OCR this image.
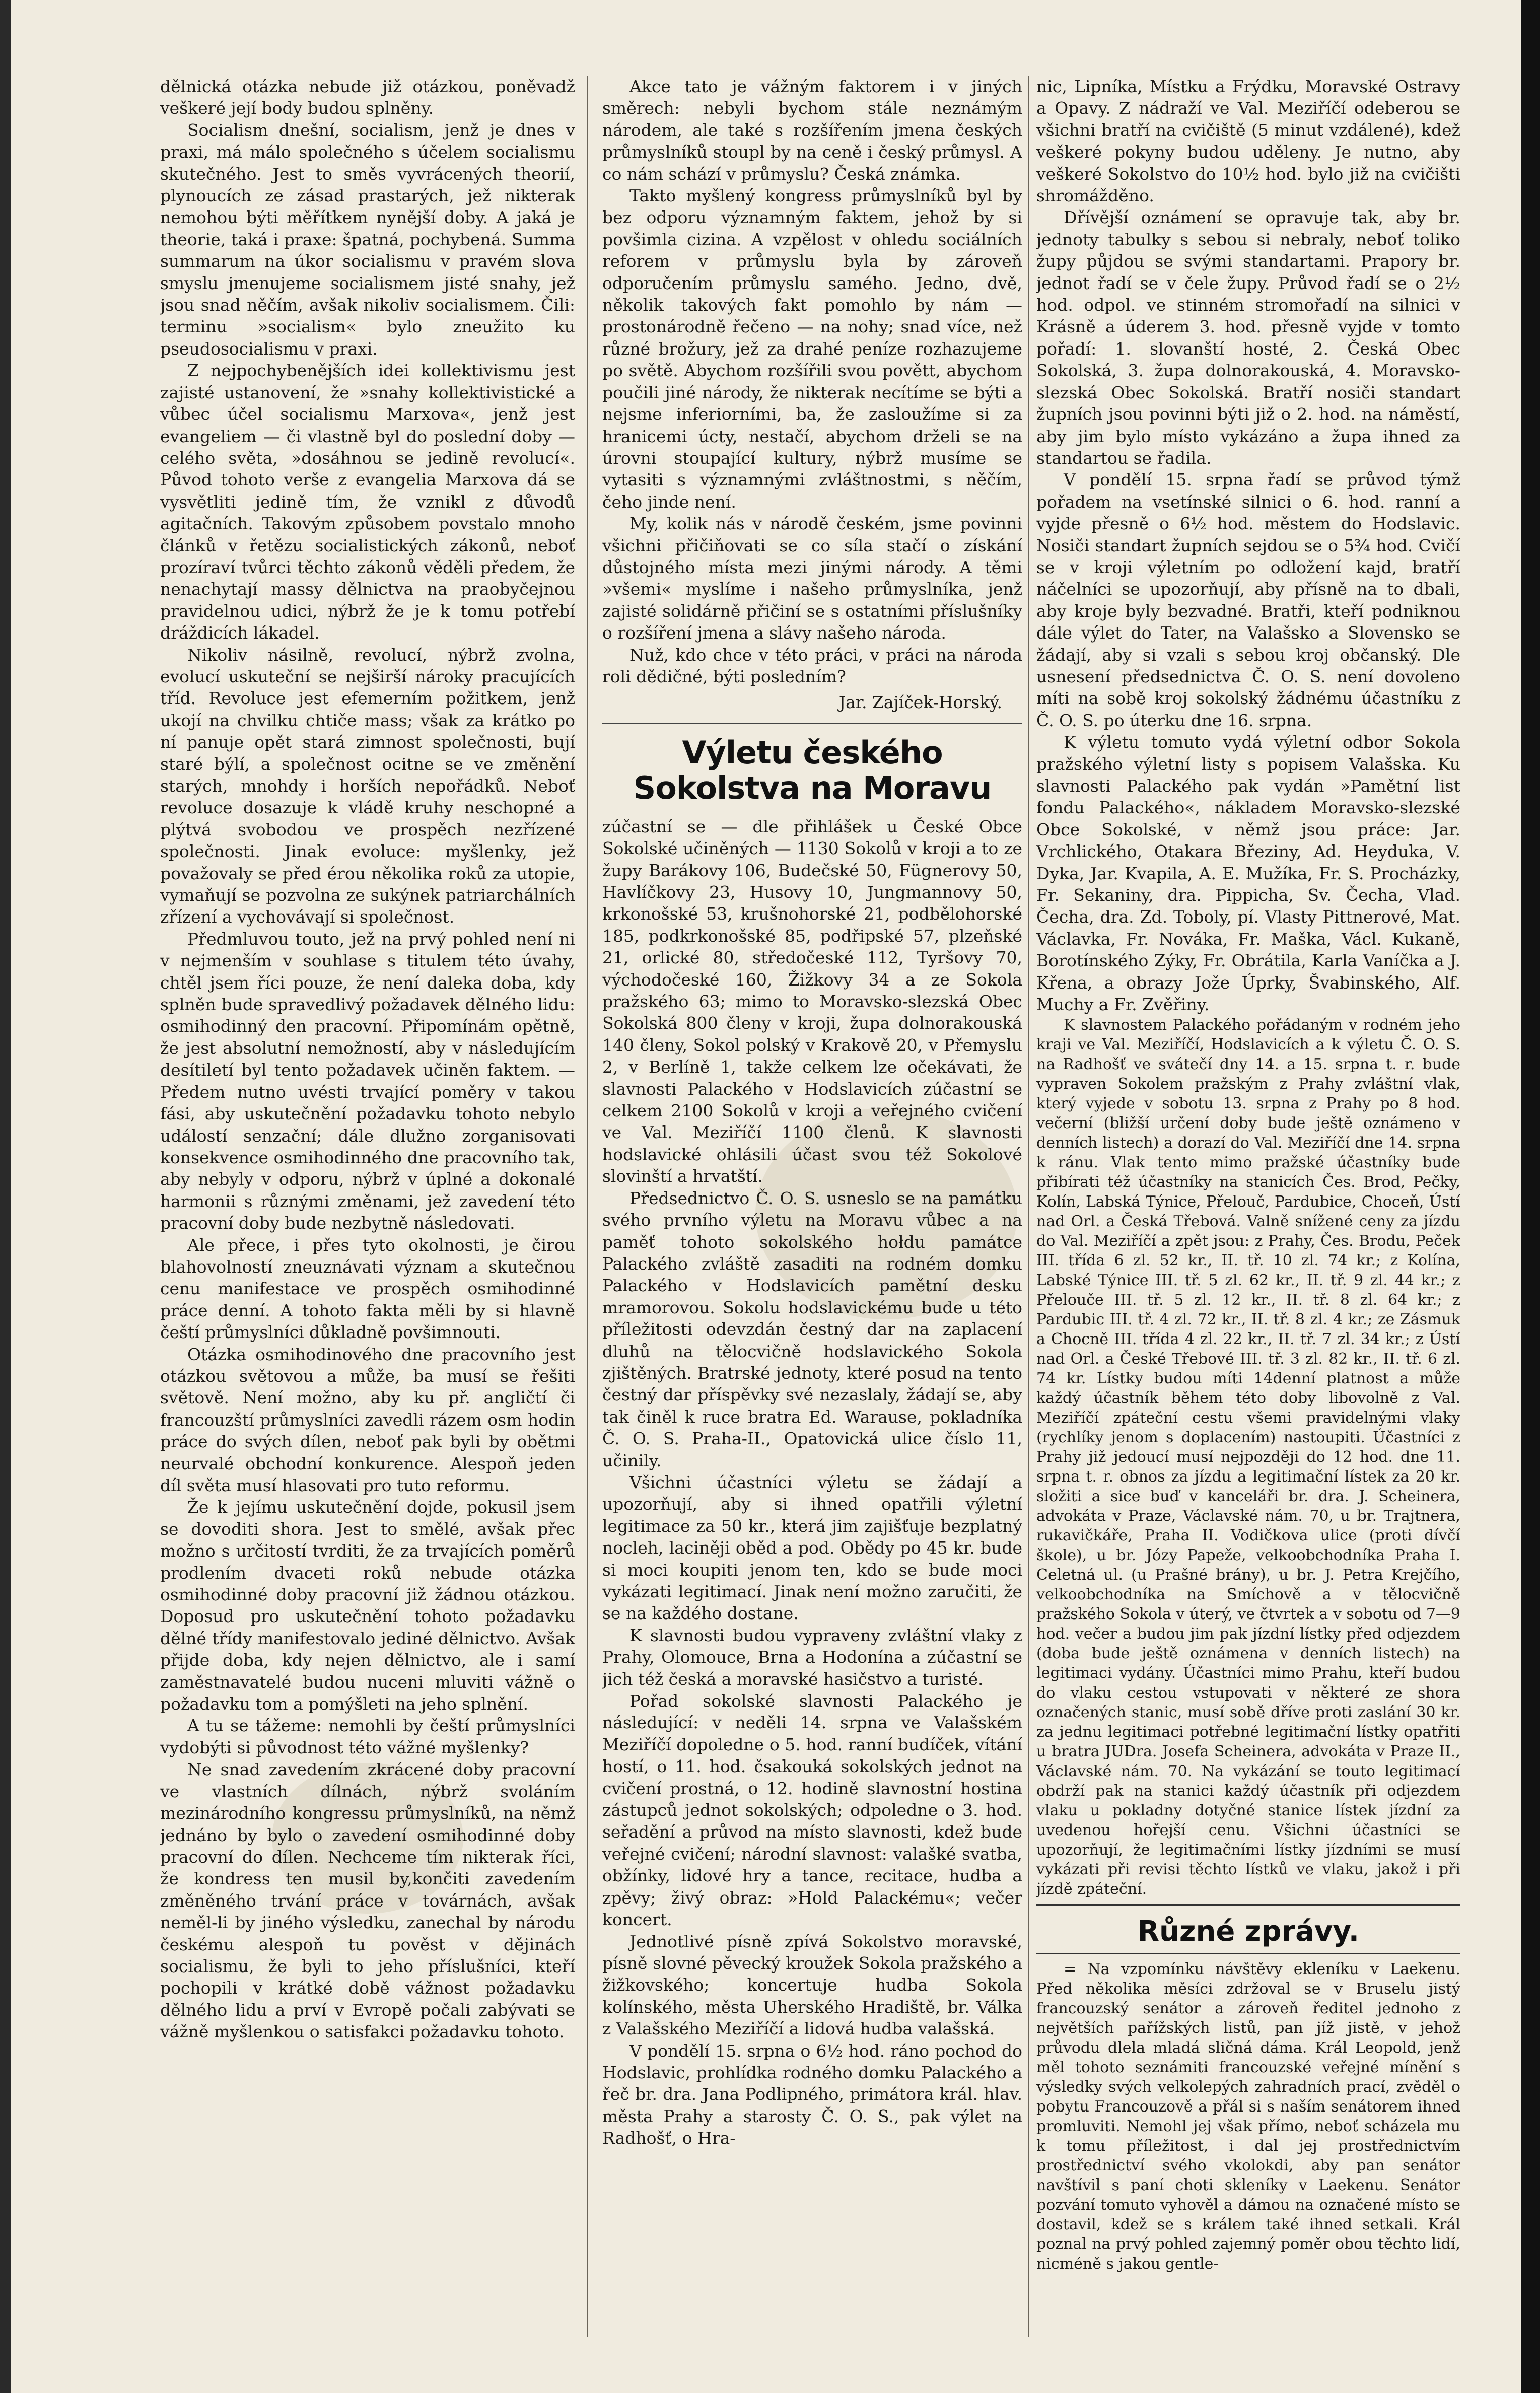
dělnická otázka nebude již otázkou, poněvadž veškeré její body budou splněny.

Socialism dnešní, socialism, jenž je dnes v praxi, má málo společného s účelem socialismu skutečného. Jest to směs vyvrácených theorií, plynoucích ze zásad prastarých, jež nikterak nemohou býti měřítkem nynější doby. A jaká je theorie, taká i praxe: špatná, pochybená. Summa summarum na úkor socialismu v pravém slova smyslu jmenujeme socialismem jisté snahy, jež jsou snad něčím, avšak nikoliv socialismem. Čili: terminu »socialism« bylo zneužito ku pseudosocialismu v praxi.

Z nejpochybenějších idei kollektivismu jest zajisté ustanovení, že »snahy kollektivistické a vůbec účel socialismu Marxova«, jenž jest evangeliem — či vlastně byl do poslední doby — celého světa, »dosáhnou se jedině revolucí«. Původ tohoto verše z evangelia Marxova dá se vysvětliti jedině tím, že vznikl z důvodů agitačních. Takovým způsobem povstalo mnoho článků v řetězu socialistických zákonů, neboť prozíraví tvůrci těchto zákonů věděli předem, že nenachytají massy dělnictva na praobyčejnou pravidelnou udici, nýbrž že je k tomu potřebí dráždicích lákadel.

Nikoliv násilně, revolucí, nýbrž zvolna, evolucí uskuteční se nejširší nároky pracujících tříd. Revoluce jest efemerním požitkem, jenž ukojí na chvilku chtiče mass; však za krátko po ní panuje opět stará zimnost společnosti, bují staré býlí, a společnost ocitne se ve změnění starých, mnohdy i horších nepořádků. Neboť revoluce dosazuje k vládě kruhy neschopné a plýtvá svobodou ve prospěch nezřízené společnosti. Jinak evoluce: myšlenky, jež považovaly se před érou několika roků za utopie, vymaňují se pozvolna ze sukýnek patriarchálních zřízení a vychovávají si společnost.

Předmluvou touto, jež na prvý pohled není ni v nejmenším v souhlase s titulem této úvahy, chtěl jsem říci pouze, že není daleka doba, kdy splněn bude spravedlivý požadavek dělného lidu: osmihodinný den pracovní. Připomínám opětně, že jest absolutní nemožností, aby v následujícím desítiletí byl tento požadavek učiněn faktem. — Předem nutno uvésti trvající poměry v takou fási, aby uskutečnění požadavku tohoto nebylo událostí senzační; dále dlužno zorganisovati konsekvence osmihodinného dne pracovního tak, aby nebyly v odporu, nýbrž v úplné a dokonalé harmonii s různými změnami, jež zavedení této pracovní doby bude nezbytně následovati.

Ale přece, i přes tyto okolnosti, je čirou blahovolností zneuznávati význam a skutečnou cenu manifestace ve prospěch osmihodinné práce denní. A tohoto fakta měli by si hlavně čeští průmyslníci důkladně povšimnouti.

Otázka osmihodinového dne pracovního jest otázkou světovou a může, ba musí se řešiti světově. Není možno, aby ku př. angličtí či francouzští průmyslníci zavedli rázem osm hodin práce do svých dílen, neboť pak byli by obětmi neurvalé obchodní konkurence. Alespoň jeden díl světa musí hlasovati pro tuto reformu.

Že k jejímu uskutečnění dojde, pokusil jsem se dovoditi shora. Jest to smělé, avšak přec možno s určitostí tvrditi, že za trvajících poměrů prodlením dvaceti roků nebude otázka osmihodinné doby pracovní již žádnou otázkou. Doposud pro uskutečnění tohoto požadavku dělné třídy manifestovalo jediné dělnictvo. Avšak přijde doba, kdy nejen dělnictvo, ale i samí zaměstnavatelé budou nuceni mluviti vážně o požadavku tom a pomýšleti na jeho splnění.

A tu se tážeme: nemohli by čeští průmyslníci vydobýti si původnost této vážné myšlenky?

Ne snad zavedením zkrácené doby pracovní ve vlastních dílnách, nýbrž svoláním mezinárodního kongressu průmyslníků, na němž jednáno by bylo o zavedení osmihodinné doby pracovní do dílen. Nechceme tím nikterak říci, že kondress ten musil by,končiti zavedením změněného trvání práce v továrnách, avšak neměl-li by jiného výsledku, zanechal by národu českému alespoň tu pověst v dějinách socialismu, že byli to jeho příslušníci, kteří pochopili v krátké době vážnost požadavku dělného lidu a prví v Evropě počali zabývati se vážně myšlenkou o satisfakci požadavku tohoto.

Akce tato je vážným faktorem i v jiných směrech: nebyli bychom stále neznámým národem, ale také s rozšířením jmena českých průmyslníků stoupl by na ceně i český průmysl. A co nám schází v průmyslu? Česká známka.

Takto myšlený kongress průmyslníků byl by bez odporu významným faktem, jehož by si povšimla cizina. A vzpělost v ohledu sociálních reforem v průmyslu byla by zároveň odporučením průmyslu samého. Jedno, dvě, několik takových fakt pomohlo by nám — prostonárodně řečeno — na nohy; snad více, než různé brožury, jež za drahé peníze rozhazujeme po světě. Abychom rozšířili svou povětt, abychom poučili jiné národy, že nikterak necítíme se býti a nejsme inferiorními, ba, že zasloužíme si za hranicemi úcty, nestačí, abychom drželi se na úrovni stoupající kultury, nýbrž musíme se vytasiti s významnými zvláštnostmi, s něčím, čeho jinde není.

My, kolik nás v národě českém, jsme povinni všichni přičiňovati se co síla stačí o získání důstojného místa mezi jinými národy. A těmi »všemi« myslíme i našeho průmyslníka, jenž zajisté solidárně přičiní se s ostatními příslušníky o rozšíření jmena a slávy našeho národa.

Nuž, kdo chce v této práci, v práci na národa roli dědičné, býti posledním?

Jar. Zajíček-Horský.
Výletu českého Sokolstva na Moravu

zúčastní se — dle přihlášek u České Obce Sokolské učiněných — 1130 Sokolů v kroji a to ze župy Barákovy 106, Budečské 50, Fügnerovy 50, Havlíčkovy 23, Husovy 10, Jungmannovy 50, krkonošské 53, krušnohorské 21, podbělohorské 185, podkrkonošské 85, podřipské 57, plzeňské 21, orlické 80, středočeské 112, Tyršovy 70, východočeské 160, Žižkovy 34 a ze Sokola pražského 63; mimo to Moravsko-slezská Obec Sokolská 800 členy v kroji, župa dolnorakouská 140 členy, Sokol polský v Krakově 20, v Přemyslu 2, v Berlíně 1, takže celkem lze očekávati, že slavnosti Palackého v Hodslavicích zúčastní se celkem 2100 Sokolů v kroji a veřejného cvičení ve Val. Meziříčí 1100 členů. K slavnosti hodslavické ohlásili účast svou též Sokolové slovinští a hrvatští.

Předsednictvo Č. O. S. usneslo se na památku svého prvního výletu na Moravu vůbec a na paměť tohoto sokolského hołdu památce Palackého zvláště zasaditi na rodném domku Palackého v Hodslavicích pamětní desku mramorovou. Sokolu hodslavickému bude u této příležitosti odevzdán čestný dar na zaplacení dluhů na tělocvičně hodslavického Sokola zjištěných. Bratrské jednoty, které posud na tento čestný dar příspěvky své nezaslaly, žádají se, aby tak činěl k ruce bratra Ed. Warause, pokladníka Č. O. S. Praha-II., Opatovická ulice číslo 11, učinily.

Všichni účastníci výletu se žádají a upozorňují, aby si ihned opatřili výletní legitimace za 50 kr., která jim zajišťuje bezplatný nocleh, laciněji oběd a pod. Obědy po 45 kr. bude si moci koupiti jenom ten, kdo se bude moci vykázati legitimací. Jinak není možno zaručiti, že se na každého dostane.

K slavnosti budou vypraveny zvláštní vlaky z Prahy, Olomouce, Brna a Hodonína a zúčastní se jich též česká a moravské hasičstvo a turisté.

Pořad sokolské slavnosti Palackého je následující: v neděli 14. srpna ve Valašském Meziříčí dopoledne o 5. hod. ranní budíček, vítání hostí, o 11. hod. čsakouká sokolských jednot na cvičení prostná, o 12. hodině slavnostní hostina zástupců jednot sokolských; odpoledne o 3. hod. seřadění a průvod na místo slavnosti, kdež bude veřejné cvičení; národní slavnost: valašké svatba, obžínky, lidové hry a tance, recitace, hudba a zpěvy; živý obraz: »Hold Palackému«; večer koncert.

Jednotlivé písně zpívá Sokolstvo moravské, písně slovné pěvecký kroužek Sokola pražského a žižkovského; koncertuje hudba Sokola kolínského, města Uherského Hradiště, br. Válka z Valašského Meziříčí a lidová hudba valašská.

V pondělí 15. srpna o 6½ hod. ráno pochod do Hodslavic, prohlídka rodného domku Palackého a řeč br. dra. Jana Podlipného, primátora král. hlav. města Prahy a starosty Č. O. S., pak výlet na Radhošť, o Hra-

nic, Lipníka, Místku a Frýdku, Moravské Ostravy a Opavy. Z nádraží ve Val. Meziříčí odeberou se všichni bratří na cvičiště (5 minut vzdálené), kdež veškeré pokyny budou uděleny. Je nutno, aby veškeré Sokolstvo do 10½ hod. bylo již na cvičišti shromážděno.

Dřívější oznámení se opravuje tak, aby br. jednoty tabulky s sebou si nebraly, neboť toliko župy půjdou se svými standartami. Prapory br. jednot řadí se v čele župy. Průvod řadí se o 2½ hod. odpol. ve stinném stromořadí na silnici v Krásně a úderem 3. hod. přesně vyjde v tomto pořadí: 1. slovanští hosté, 2. Česká Obec Sokolská, 3. župa dolnorakouská, 4. Moravsko-slezská Obec Sokolská. Bratří nosiči standart župních jsou povinni býti již o 2. hod. na náměstí, aby jim bylo místo vykázáno a župa ihned za standartou se řadila.

V pondělí 15. srpna řadí se průvod týmž pořadem na vsetínské silnici o 6. hod. ranní a vyjde přesně o 6½ hod. městem do Hodslavic. Nosiči standart župních sejdou se o 5¾ hod. Cvičí se v kroji výletním po odložení kajd, bratří náčelníci se upozorňují, aby přísně na to dbali, aby kroje byly bezvadné. Bratři, kteří podniknou dále výlet do Tater, na Valašsko a Slovensko se žádají, aby si vzali s sebou kroj občanský. Dle usnesení předsednictva Č. O. S. není dovoleno míti na sobě kroj sokolský žádnému účastníku z Č. O. S. po úterku dne 16. srpna.

K výletu tomuto vydá výletní odbor Sokola pražského výletní listy s popisem Valašska. Ku slavnosti Palackého pak vydán »Pamětní list fondu Palackého«, nákladem Moravsko-slezské Obce Sokolské, v němž jsou práce: Jar. Vrchlického, Otakara Březiny, Ad. Heyduka, V. Dyka, Jar. Kvapila, A. E. Mužíka, Fr. S. Procházky, Fr. Sekaniny, dra. Pippicha, Sv. Čecha, Vlad. Čecha, dra. Zd. Toboly, pí. Vlasty Pittnerové, Mat. Václavka, Fr. Nováka, Fr. Maška, Václ. Kukaně, Borotínského Zýky, Fr. Obrátila, Karla Vaníčka a J. Křena, a obrazy Jože Úprky, Švabinského, Alf. Muchy a Fr. Zvěřiny.

K slavnostem Palackého pořádaným v rodném jeho kraji ve Val. Meziříčí, Hodslavicích a k výletu Č. O. S. na Radhošť ve svátečí dny 14. a 15. srpna t. r. bude vypraven Sokolem pražským z Prahy zvláštní vlak, který vyjede v sobotu 13. srpna z Prahy po 8 hod. večerní (bližší určení doby bude ještě oznámeno v denních listech) a dorazí do Val. Meziříčí dne 14. srpna k ránu. Vlak tento mimo pražské účastníky bude přibírati též účastníky na stanicích Čes. Brod, Pečky, Kolín, Labská Týnice, Přelouč, Pardubice, Choceň, Ústí nad Orl. a Česká Třebová. Valně snížené ceny za jízdu do Val. Meziříčí a zpět jsou: z Prahy, Čes. Brodu, Peček III. třída 6 zl. 52 kr., II. tř. 10 zl. 74 kr.; z Kolína, Labské Týnice III. tř. 5 zl. 62 kr., II. tř. 9 zl. 44 kr.; z Přelouče III. tř. 5 zl. 12 kr., II. tř. 8 zl. 64 kr.; z Pardubic III. tř. 4 zl. 72 kr., II. tř. 8 zl. 4 kr.; ze Zásmuk a Chocně III. třída 4 zl. 22 kr., II. tř. 7 zl. 34 kr.; z Ústí nad Orl. a České Třebové III. tř. 3 zl. 82 kr., II. tř. 6 zl. 74 kr. Lístky budou míti 14denní platnost a může každý účastník během této doby libovolně z Val. Meziříčí zpáteční cestu všemi pravidelnými vlaky (rychlíky jenom s doplacením) nastoupiti. Účastníci z Prahy již jedoucí musí nejpozději do 12 hod. dne 11. srpna t. r. obnos za jízdu a legitimační lístek za 20 kr. složiti a sice buď v kanceláři br. dra. J. Scheinera, advokáta v Praze, Václavské nám. 70, u br. Trajtnera, rukavičkáře, Praha II. Vodičkova ulice (proti dívčí škole), u br. Józy Papeže, velkoobchodníka Praha I. Celetná ul. (u Prašné brány), u br. J. Petra Krejčího, velkoobchodníka na Smíchově a v tělocvičně pražského Sokola v úterý, ve čtvrtek a v sobotu od 7—9 hod. večer a budou jim pak jízdní lístky před odjezdem (doba bude ještě oznámena v denních listech) na legitimaci vydány. Účastníci mimo Prahu, kteří budou do vlaku cestou vstupovati v některé ze shora označených stanic, musí sobě dříve proti zaslání 30 kr. za jednu legitimaci potřebné legitimační lístky opatřiti u bratra JUDra. Josefa Scheinera, advokáta v Praze II., Václavské nám. 70. Na vykázání se touto legitimací obdrží pak na stanici každý účastník při odjezdem vlaku u pokladny dotyčné stanice lístek jízdní za uvedenou hořejší cenu. Všichni účastníci se upozorňují, že legitimačními lístky jízdními se musí vykázati při revisi těchto lístků ve vlaku, jakož i při jízdě zpáteční.

Různé zprávy.

= Na vzpomínku návštěvy ekleníku v Laekenu. Před několika měsíci zdržoval se v Bruselu jistý francouzský senátor a zároveň ředitel jednoho z největších pařížských listů, pan jíž jistě, v jehož průvodu dlela mladá sličná dáma. Král Leopold, jenž měl tohoto seznámiti francouzské veřejné mínění s výsledky svých velkolepých zahradních prací, zvěděl o pobytu Francouzově a přál si s naším senátorem ihned promluviti. Nemohl jej však přímo, neboť scházela mu k tomu příležitost, i dal jej prostřednictvím prostřednictví svého vkolokdi, aby pan senátor navštívil s paní choti skleníky v Laekenu. Senátor pozvání tomuto vyhověl a dámou na označené místo se dostavil, kdež se s králem také ihned setkali. Král poznal na prvý pohled zajemný poměr obou těchto lidí, nicméně s jakou gentle-
